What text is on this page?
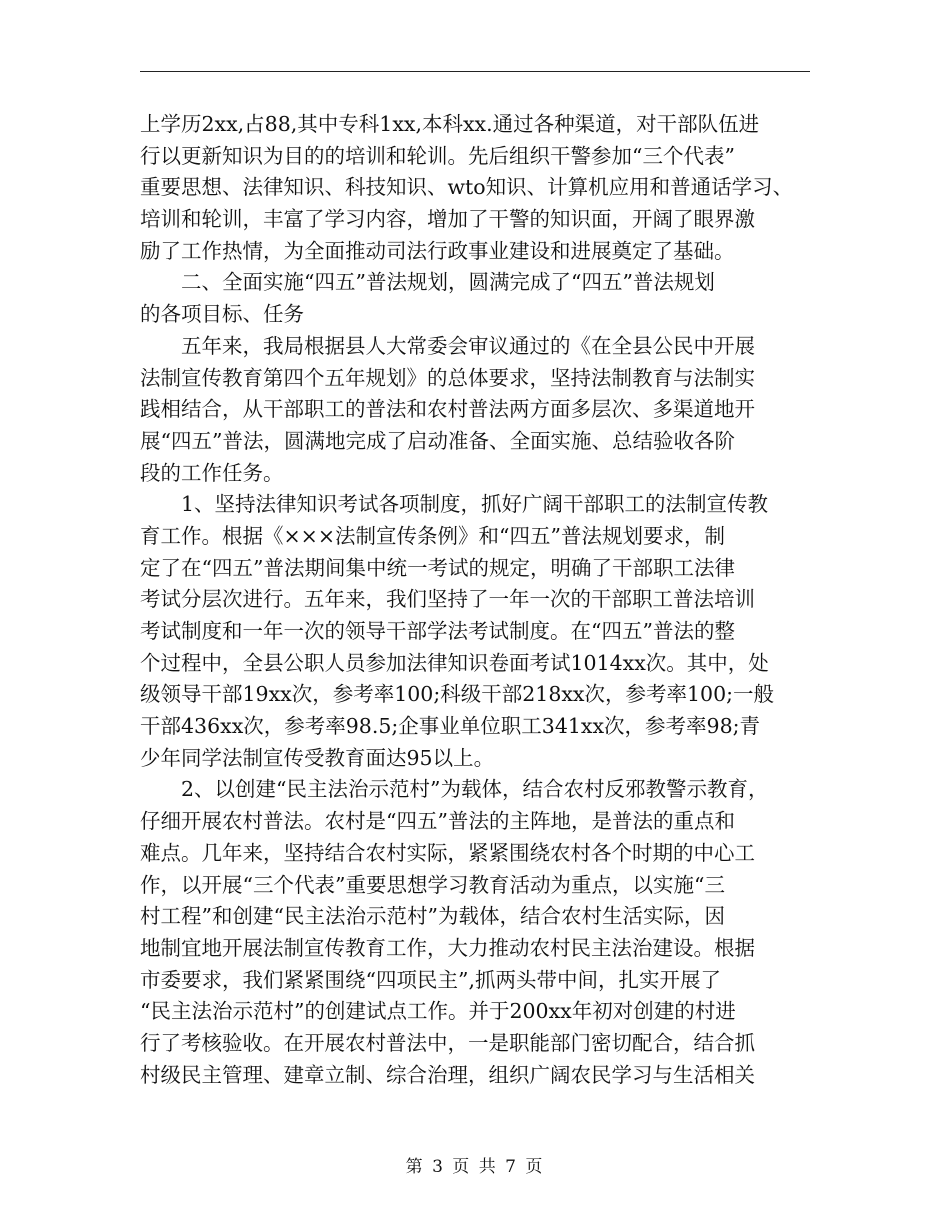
上学历2xx,占88,其中专科1xx,本科xx.通过各种渠道，对干部队伍进
行以更新知识为目的的培训和轮训。先后组织干警参加“三个代表”
重要思想、法律知识、科技知识、wto知识、计算机应用和普通话学习、
培训和轮训，丰富了学习内容，增加了干警的知识面，开阔了眼界激
励了工作热情，为全面推动司法行政事业建设和进展奠定了基础。
　　二、全面实施“四五”普法规划，圆满完成了“四五”普法规划
的各项目标、任务
　　五年来，我局根据县人大常委会审议通过的《在全县公民中开展
法制宣传教育第四个五年规划》的总体要求，坚持法制教育与法制实
践相结合，从干部职工的普法和农村普法两方面多层次、多渠道地开
展“四五”普法，圆满地完成了启动准备、全面实施、总结验收各阶
段的工作任务。
　　1、坚持法律知识考试各项制度，抓好广阔干部职工的法制宣传教
育工作。根据《×××法制宣传条例》和“四五”普法规划要求，制
定了在“四五”普法期间集中统一考试的规定，明确了干部职工法律
考试分层次进行。五年来，我们坚持了一年一次的干部职工普法培训
考试制度和一年一次的领导干部学法考试制度。在“四五”普法的整
个过程中，全县公职人员参加法律知识卷面考试1014xx次。其中，处
级领导干部19xx次，参考率100;科级干部218xx次，参考率100;一般
干部436xx次，参考率98.5;企事业单位职工341xx次，参考率98;青
少年同学法制宣传受教育面达95以上。
　　2、以创建“民主法治示范村”为载体，结合农村反邪教警示教育，
仔细开展农村普法。农村是“四五”普法的主阵地，是普法的重点和
难点。几年来，坚持结合农村实际，紧紧围绕农村各个时期的中心工
作，以开展“三个代表”重要思想学习教育活动为重点，以实施“三
村工程”和创建“民主法治示范村”为载体，结合农村生活实际，因
地制宜地开展法制宣传教育工作，大力推动农村民主法治建设。根据
市委要求，我们紧紧围绕“四项民主”,抓两头带中间，扎实开展了
“民主法治示范村”的创建试点工作。并于200xx年初对创建的村进
行了考核验收。在开展农村普法中，一是职能部门密切配合，结合抓
村级民主管理、建章立制、综合治理，组织广阔农民学习与生活相关
第 3 页 共 7 页
